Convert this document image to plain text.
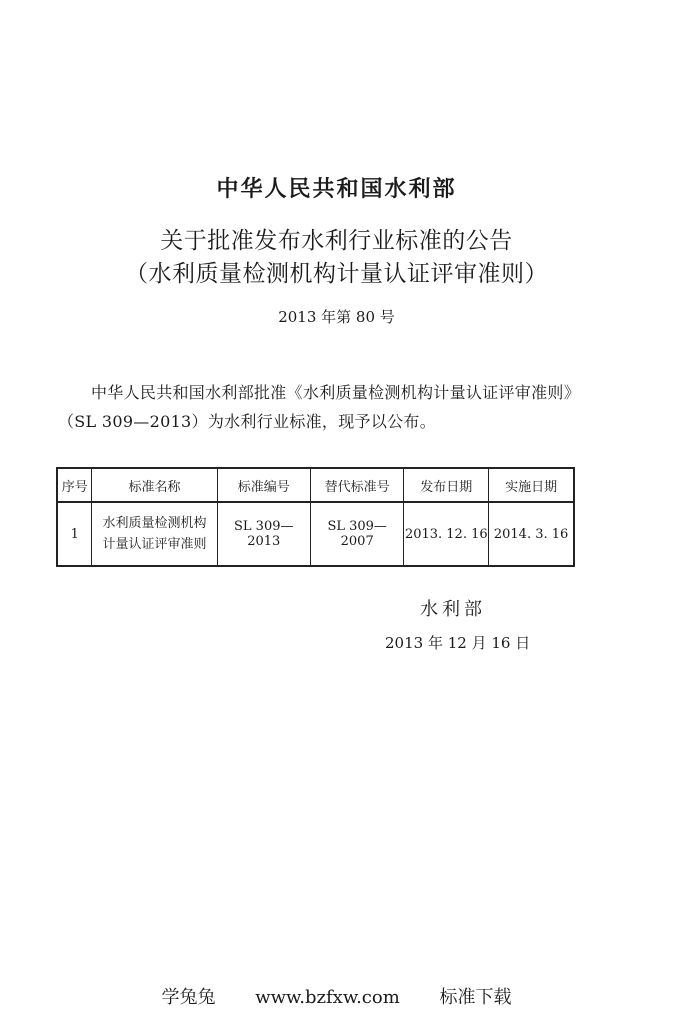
中华人民共和国水利部
关于批准发布水利行业标准的公告
（水利质量检测机构计量认证评审准则）
2013 年第 80 号
中华人民共和国水利部批准《水利质量检测机构计量认证评审准则》（SL 309—2013）为水利行业标准，现予以公布。
序号	标准名称	标准编号	替代标准号	发布日期	实施日期
1	水利质量检测机构
计量认证评审准则	SL 309—2013	SL 309—2007	2013. 12. 16	2014. 3. 16
水利部
2013 年 12 月 16 日
学兔兔 www.bzfxw.com 标准下载
